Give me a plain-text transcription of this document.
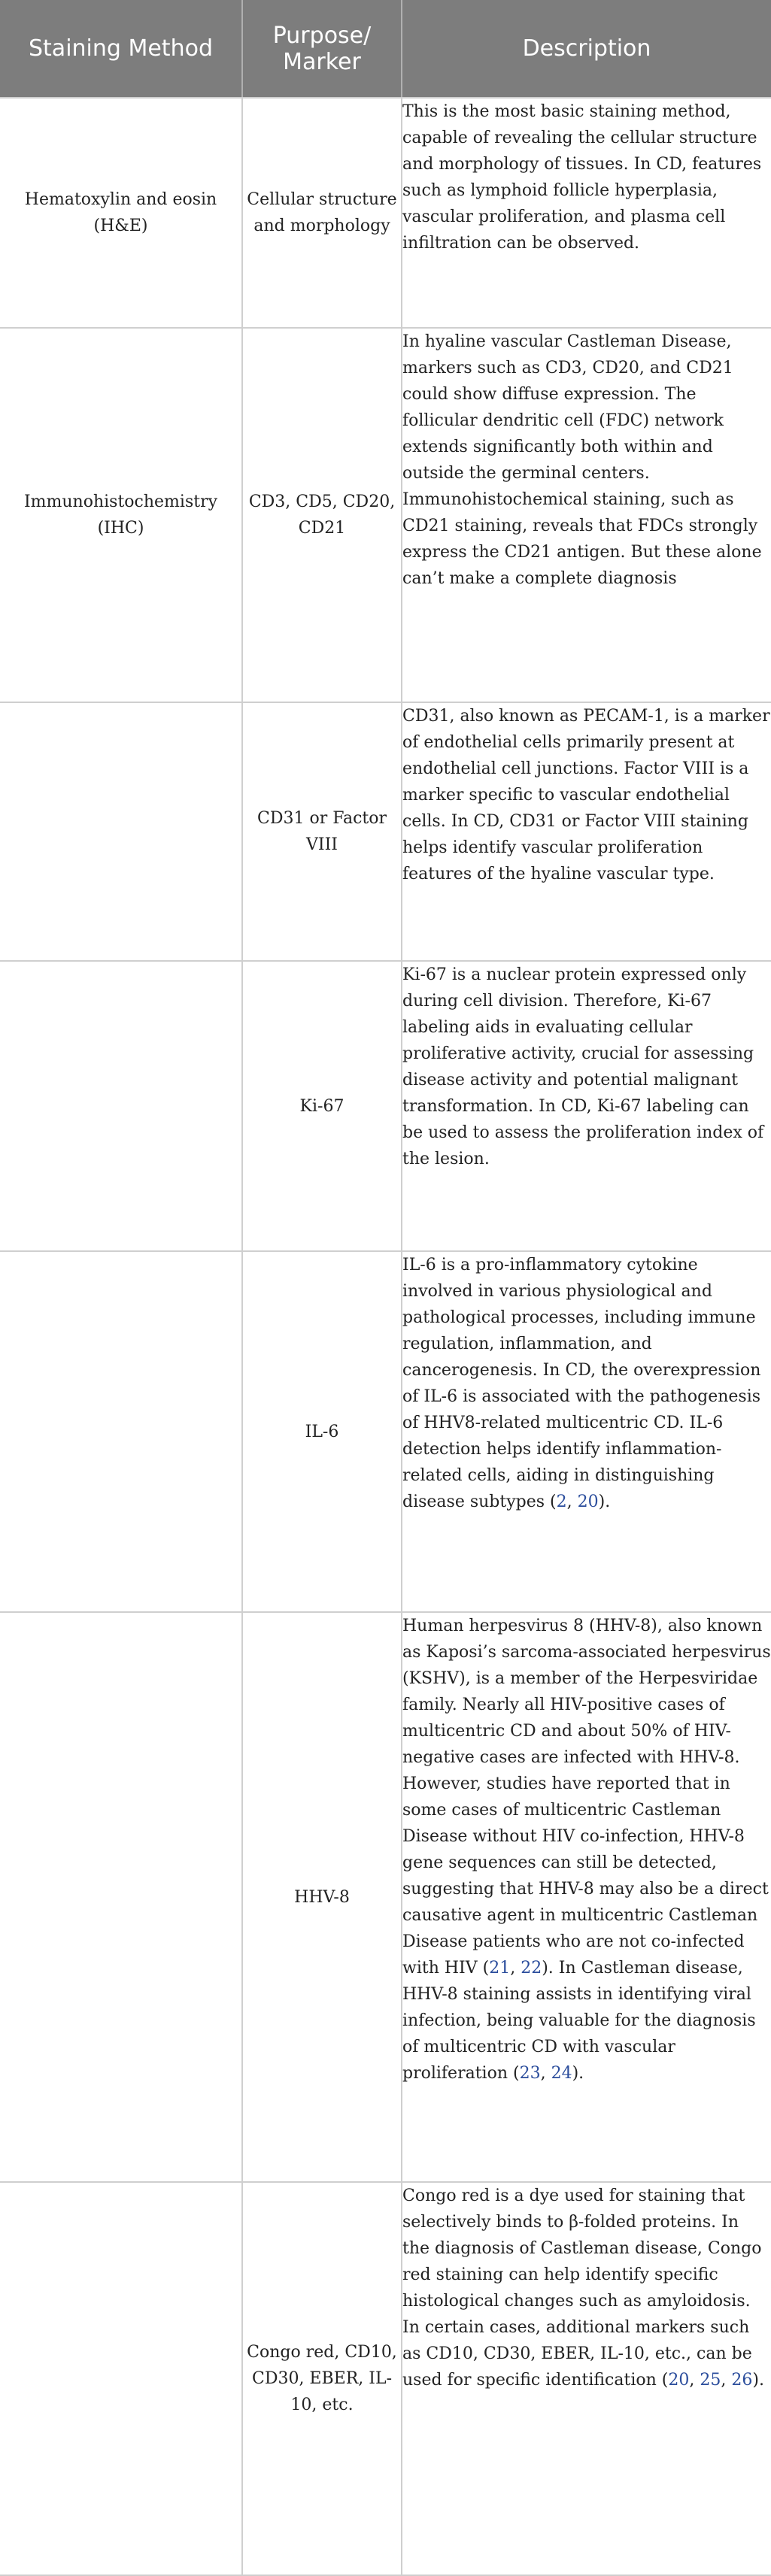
Staining Method	Purpose/ Marker	Description
Hematoxylin and eosin (H&E)	Cellular structure and morphology	This is the most basic staining method, capable of revealing the cellular structure and morphology of tissues. In CD, features such as lymphoid follicle hyperplasia, vascular proliferation, and plasma cell infiltration can be observed.
Immunohistochemistry (IHC)	CD3, CD5, CD20, CD21	In hyaline vascular Castleman Disease, markers such as CD3, CD20, and CD21 could show diffuse expression. The follicular dendritic cell (FDC) network extends significantly both within and outside the germinal centers. Immunohistochemical staining, such as CD21 staining, reveals that FDCs strongly express the CD21 antigen. But these alone can’t make a complete diagnosis
	CD31 or Factor VIII	CD31, also known as PECAM-1, is a marker of endothelial cells primarily present at endothelial cell junctions. Factor VIII is a marker specific to vascular endothelial cells. In CD, CD31 or Factor VIII staining helps identify vascular proliferation features of the hyaline vascular type.
	Ki-67	Ki-67 is a nuclear protein expressed only during cell division. Therefore, Ki-67 labeling aids in evaluating cellular proliferative activity, crucial for assessing disease activity and potential malignant transformation. In CD, Ki-67 labeling can be used to assess the proliferation index of the lesion.
	IL-6	IL-6 is a pro-inflammatory cytokine involved in various physiological and pathological processes, including immune regulation, inflammation, and cancerogenesis. In CD, the overexpression of IL-6 is associated with the pathogenesis of HHV8-related multicentric CD. IL-6 detection helps identify inflammation-related cells, aiding in distinguishing disease subtypes (2, 20).
	HHV-8	Human herpesvirus 8 (HHV-8), also known as Kaposi’s sarcoma-associated herpesvirus (KSHV), is a member of the Herpesviridae family. Nearly all HIV-positive cases of multicentric CD and about 50% of HIV-negative cases are infected with HHV-8. However, studies have reported that in some cases of multicentric Castleman Disease without HIV co-infection, HHV-8 gene sequences can still be detected, suggesting that HHV-8 may also be a direct causative agent in multicentric Castleman Disease patients who are not co-infected with HIV (21, 22). In Castleman disease, HHV-8 staining assists in identifying viral infection, being valuable for the diagnosis of multicentric CD with vascular proliferation (23, 24).
	Congo red, CD10, CD30, EBER, IL-10, etc.	Congo red is a dye used for staining that selectively binds to β-folded proteins. In the diagnosis of Castleman disease, Congo red staining can help identify specific histological changes such as amyloidosis. In certain cases, additional markers such as CD10, CD30, EBER, IL-10, etc., can be used for specific identification (20, 25, 26).
